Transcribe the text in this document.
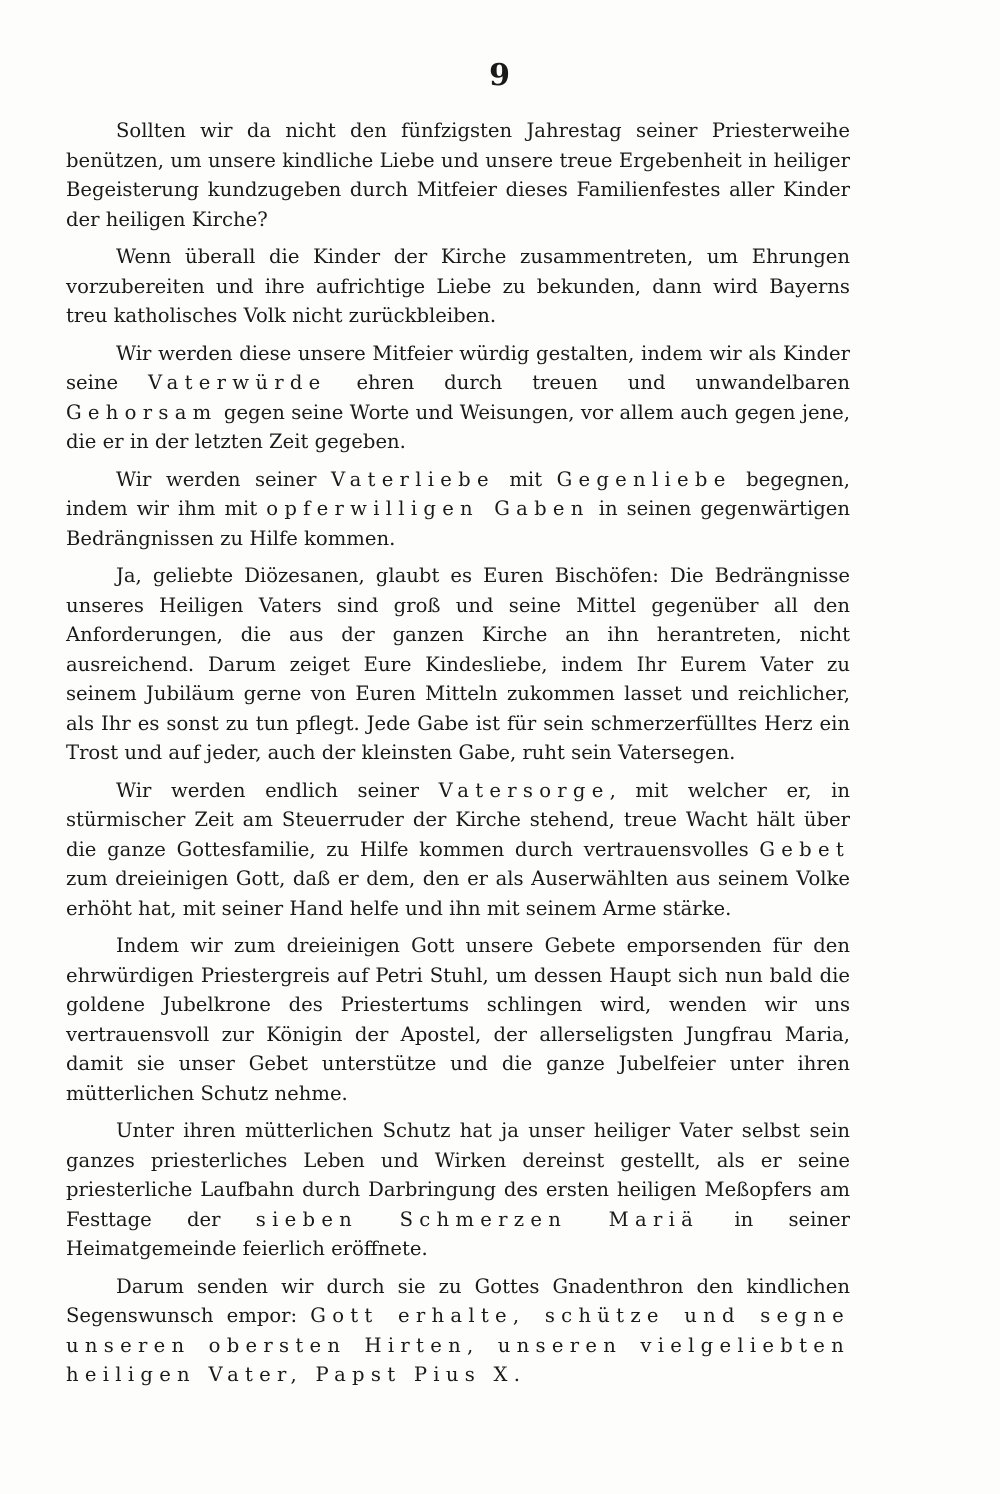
9

Sollten wir da nicht den fünfzigsten Jahrestag seiner Priesterweihe benützen, um unsere kindliche Liebe und unsere treue Ergebenheit in heiliger Begeisterung kundzugeben durch Mitfeier dieses Familienfestes aller Kinder der heiligen Kirche?

Wenn überall die Kinder der Kirche zusammentreten, um Ehrungen vorzubereiten und ihre aufrichtige Liebe zu bekunden, dann wird Bayerns treu katholisches Volk nicht zurückbleiben.

Wir werden diese unsere Mitfeier würdig gestalten, indem wir als Kinder seine Vaterwürde ehren durch treuen und unwandelbaren Gehorsam gegen seine Worte und Weisungen, vor allem auch gegen jene, die er in der letzten Zeit gegeben.

Wir werden seiner Vaterliebe mit Gegenliebe begegnen, indem wir ihm mit opferwilligen Gaben in seinen gegenwärtigen Bedrängnissen zu Hilfe kommen.

Ja, geliebte Diözesanen, glaubt es Euren Bischöfen: Die Bedrängnisse unseres Heiligen Vaters sind groß und seine Mittel gegenüber all den Anforderungen, die aus der ganzen Kirche an ihn herantreten, nicht ausreichend. Darum zeiget Eure Kindesliebe, indem Ihr Eurem Vater zu seinem Jubiläum gerne von Euren Mitteln zukommen lasset und reichlicher, als Ihr es sonst zu tun pflegt. Jede Gabe ist für sein schmerzerfülltes Herz ein Trost und auf jeder, auch der kleinsten Gabe, ruht sein Vatersegen.

Wir werden endlich seiner Vatersorge, mit welcher er, in stürmischer Zeit am Steuerruder der Kirche stehend, treue Wacht hält über die ganze Gottesfamilie, zu Hilfe kommen durch vertrauensvolles Gebet zum dreieinigen Gott, daß er dem, den er als Auserwählten aus seinem Volke erhöht hat, mit seiner Hand helfe und ihn mit seinem Arme stärke.

Indem wir zum dreieinigen Gott unsere Gebete emporsenden für den ehrwürdigen Priestergreis auf Petri Stuhl, um dessen Haupt sich nun bald die goldene Jubelkrone des Priestertums schlingen wird, wenden wir uns vertrauensvoll zur Königin der Apostel, der allerseligsten Jungfrau Maria, damit sie unser Gebet unterstütze und die ganze Jubelfeier unter ihren mütterlichen Schutz nehme.

Unter ihren mütterlichen Schutz hat ja unser heiliger Vater selbst sein ganzes priesterliches Leben und Wirken dereinst gestellt, als er seine priesterliche Laufbahn durch Darbringung des ersten heiligen Meßopfers am Festtage der sieben Schmerzen Mariä in seiner Heimatgemeinde feierlich eröffnete.

Darum senden wir durch sie zu Gottes Gnadenthron den kindlichen Segenswunsch empor: Gott erhalte, schütze und segne unseren obersten Hirten, unseren vielgeliebten heiligen Vater, Papst Pius X.
